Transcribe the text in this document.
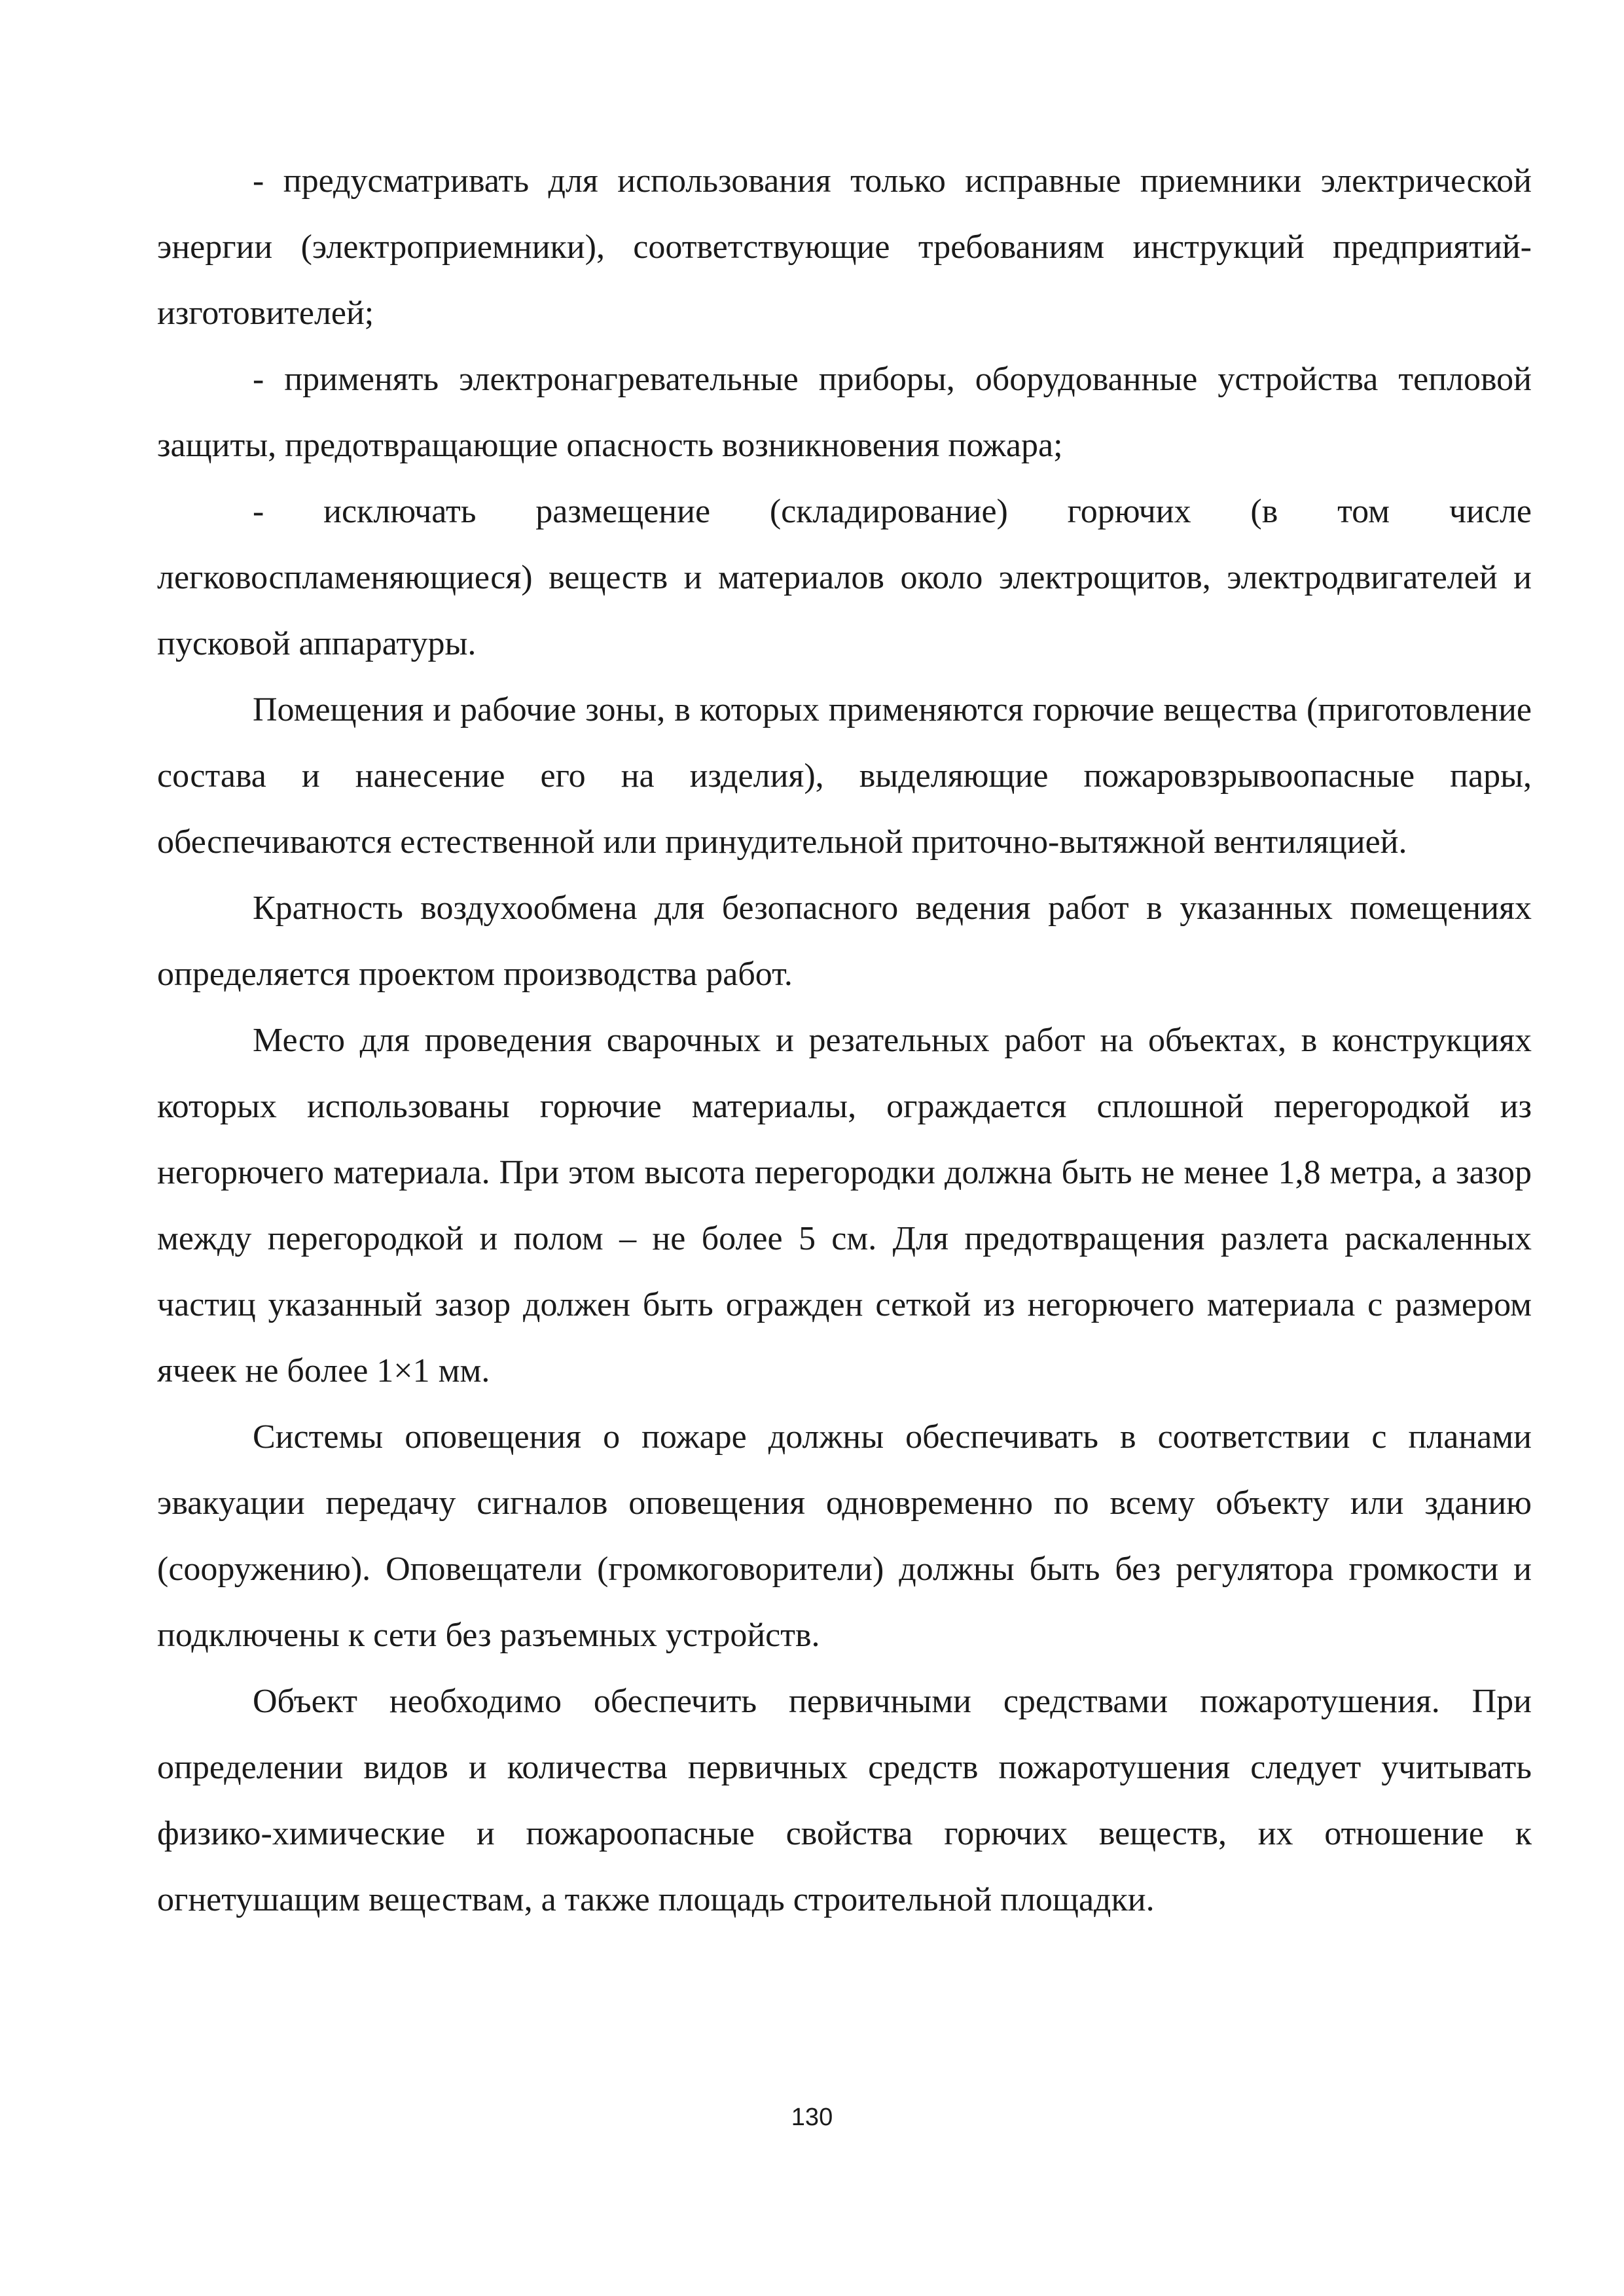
- предусматривать для использования только исправные приемники электрической энергии (электроприемники), соответствующие требованиям инструкций предприятий-изготовителей;

- применять электронагревательные приборы, оборудованные устройства тепловой защиты, предотвращающие опасность возникновения пожара;

- исключать размещение (складирование) горючих (в том числе легковоспламеняющиеся) веществ и материалов около электрощитов, электродвигателей и пусковой аппаратуры.

Помещения и рабочие зоны, в которых применяются горючие вещества (приготовление состава и нанесение его на изделия), выделяющие пожаровзрывоопасные пары, обеспечиваются естественной или принудительной приточно-вытяжной вентиляцией.

Кратность воздухообмена для безопасного ведения работ в указанных помещениях определяется проектом производства работ.

Место для проведения сварочных и резательных работ на объектах, в конструкциях которых использованы горючие материалы, ограждается сплошной перегородкой из негорючего материала. При этом высота перегородки должна быть не менее 1,8 метра, а зазор между перегородкой и полом – не более 5 см. Для предотвращения разлета раскаленных частиц указанный зазор должен быть огражден сеткой из негорючего материала с размером ячеек не более 1×1 мм.

Системы оповещения о пожаре должны обеспечивать в соответствии с планами эвакуации передачу сигналов оповещения одновременно по всему объекту или зданию (сооружению). Оповещатели (громкоговорители) должны быть без регулятора громкости и подключены к сети без разъемных устройств.

Объект необходимо обеспечить первичными средствами пожаротушения. При определении видов и количества первичных средств пожаротушения следует учитывать физико-химические и пожароопасные свойства горючих веществ, их отношение к огнетушащим веществам, а также площадь строительной площадки.

130
